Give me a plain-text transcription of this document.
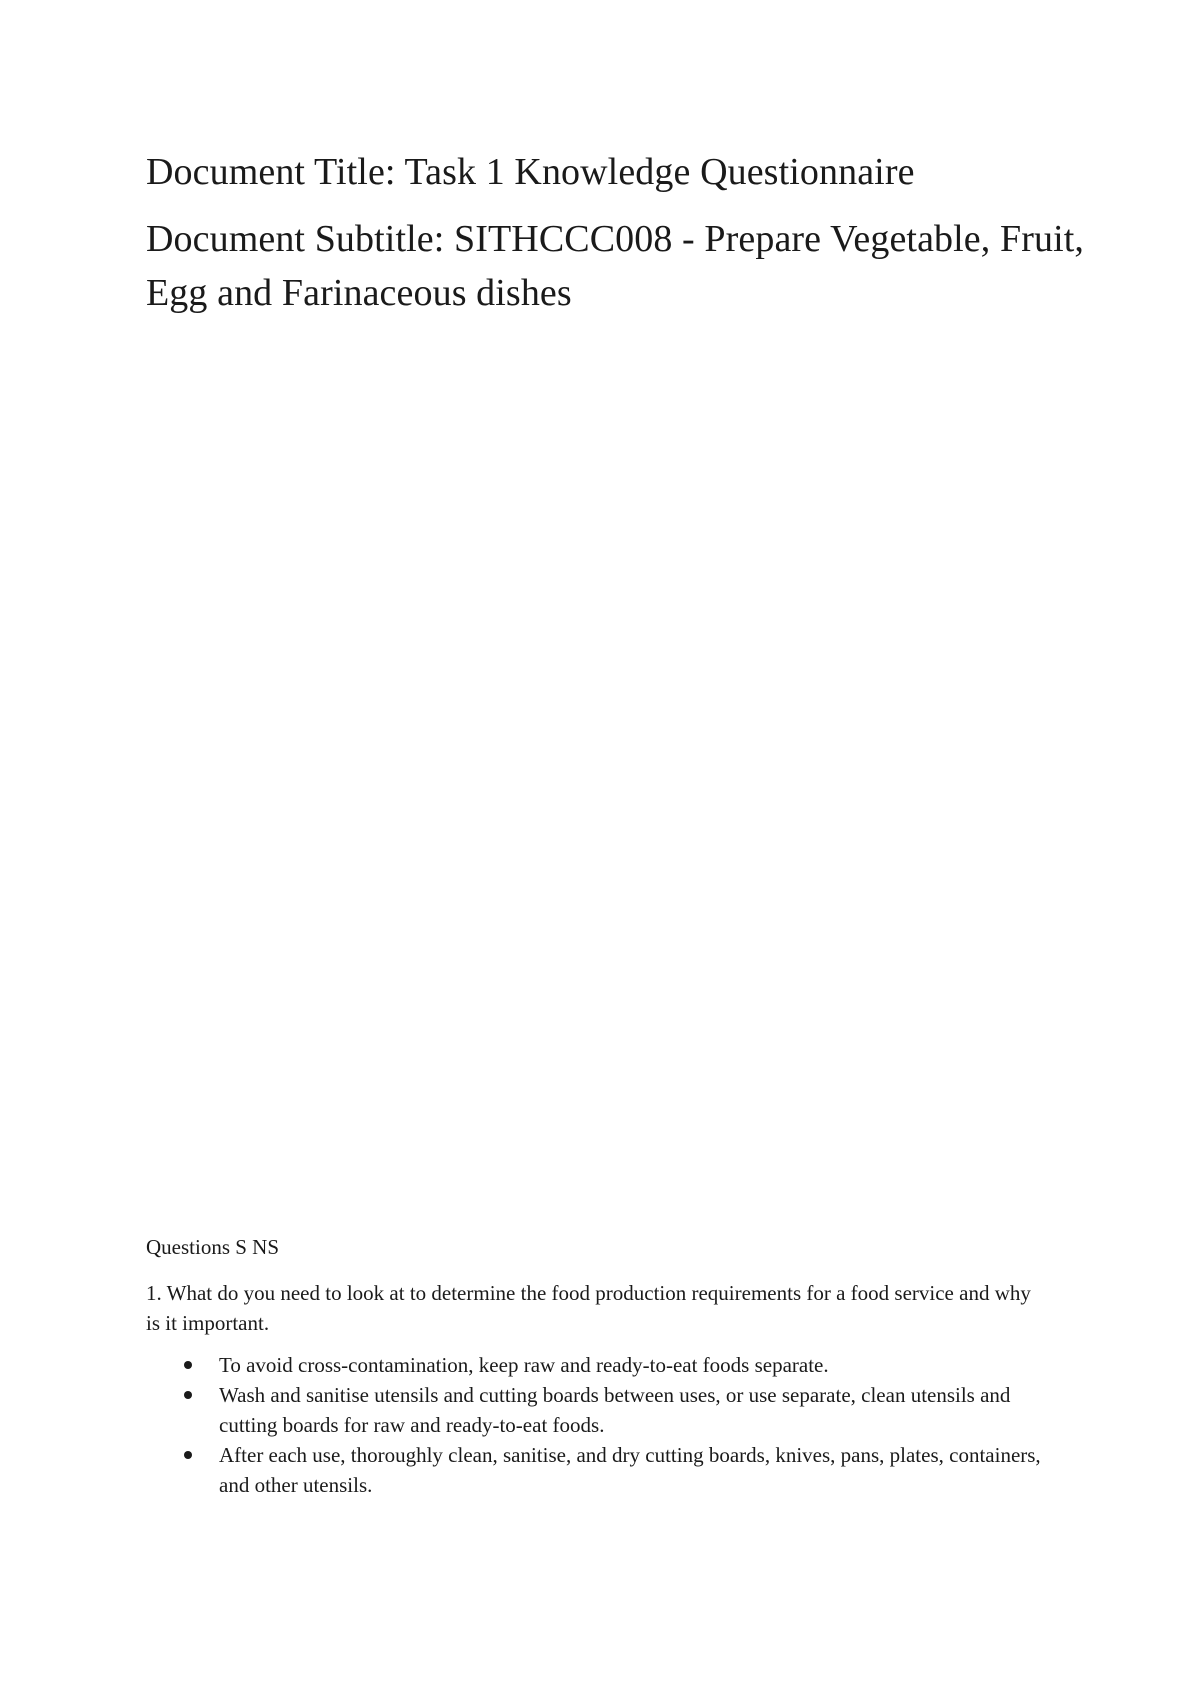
Document Title: Task 1 Knowledge Questionnaire
Document Subtitle: SITHCCC008 - Prepare Vegetable, Fruit, Egg and Farinaceous dishes

Questions S NS

1. What do you need to look at to determine the food production requirements for a food service and why is it important.

To avoid cross-contamination, keep raw and ready-to-eat foods separate.
Wash and sanitise utensils and cutting boards between uses, or use separate, clean utensils and cutting boards for raw and ready-to-eat foods.
After each use, thoroughly clean, sanitise, and dry cutting boards, knives, pans, plates, containers, and other utensils.
